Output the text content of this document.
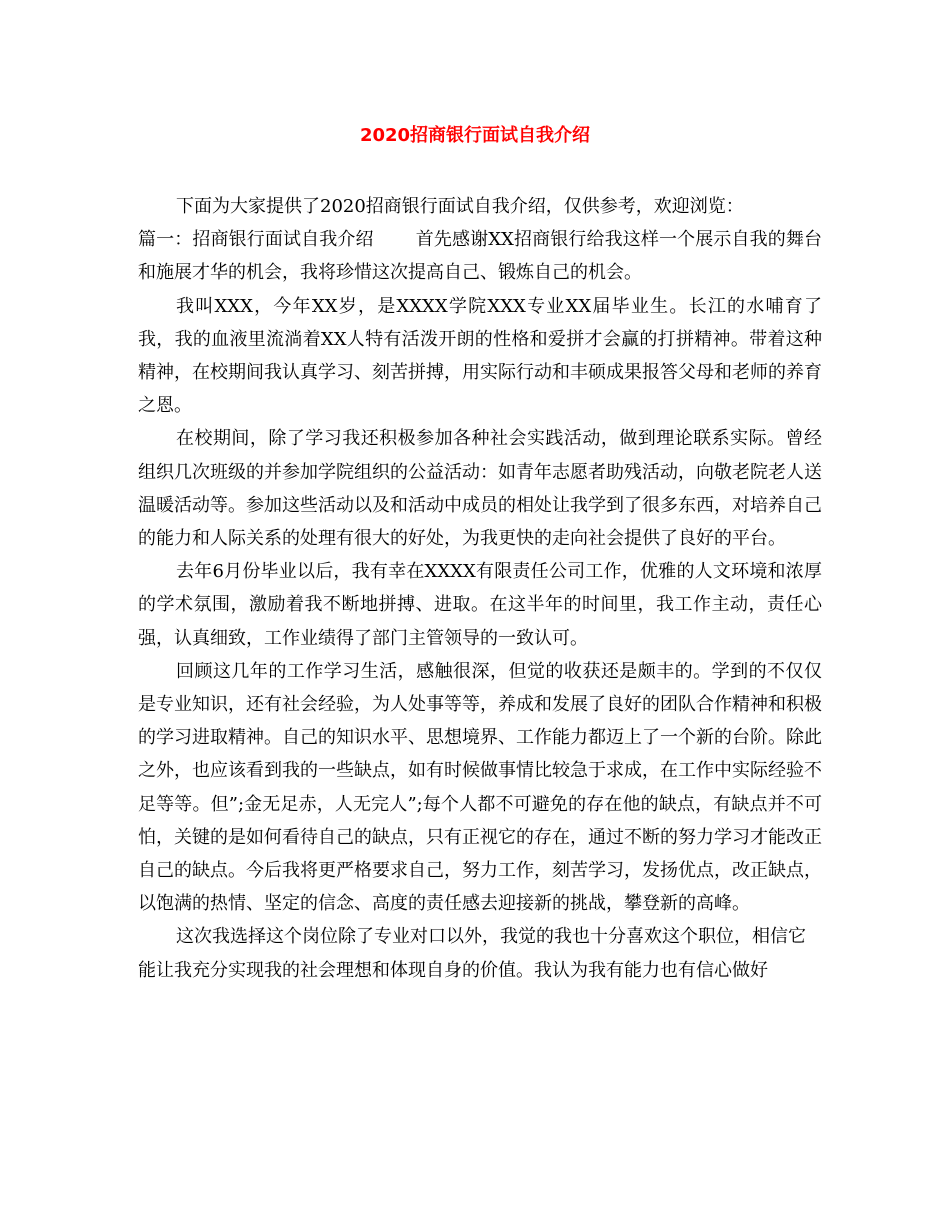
2020招商银行面试自我介绍

下面为大家提供了2020招商银行面试自我介绍，仅供参考，欢迎浏览：

篇一：招商银行面试自我介绍 首先感谢XX招商银行给我这样一个展示自我的舞台和施展才华的机会，我将珍惜这次提高自己、锻炼自己的机会。

我叫XXX，今年XX岁，是XXXX学院XXX专业XX届毕业生。长江的水哺育了我，我的血液里流淌着XX人特有活泼开朗的性格和爱拼才会赢的打拼精神。带着这种精神，在校期间我认真学习、刻苦拼搏，用实际行动和丰硕成果报答父母和老师的养育之恩。

在校期间，除了学习我还积极参加各种社会实践活动，做到理论联系实际。曾经组织几次班级的并参加学院组织的公益活动：如青年志愿者助残活动，向敬老院老人送温暖活动等。参加这些活动以及和活动中成员的相处让我学到了很多东西，对培养自己的能力和人际关系的处理有很大的好处，为我更快的走向社会提供了良好的平台。

去年6月份毕业以后，我有幸在XXXX有限责任公司工作，优雅的人文环境和浓厚的学术氛围，激励着我不断地拼搏、进取。在这半年的时间里，我工作主动，责任心强，认真细致，工作业绩得了部门主管领导的一致认可。

回顾这几年的工作学习生活，感触很深，但觉的收获还是颇丰的。学到的不仅仅是专业知识，还有社会经验，为人处事等等，养成和发展了良好的团队合作精神和积极的学习进取精神。自己的知识水平、思想境界、工作能力都迈上了一个新的台阶。除此之外，也应该看到我的一些缺点，如有时候做事情比较急于求成，在工作中实际经验不足等等。但”;金无足赤，人无完人”;每个人都不可避免的存在他的缺点，有缺点并不可怕，关键的是如何看待自己的缺点，只有正视它的存在，通过不断的努力学习才能改正自己的缺点。今后我将更严格要求自己，努力工作，刻苦学习，发扬优点，改正缺点，以饱满的热情、坚定的信念、高度的责任感去迎接新的挑战，攀登新的高峰。

这次我选择这个岗位除了专业对口以外，我觉的我也十分喜欢这个职位，相信它能让我充分实现我的社会理想和体现自身的价值。我认为我有能力也有信心做好
